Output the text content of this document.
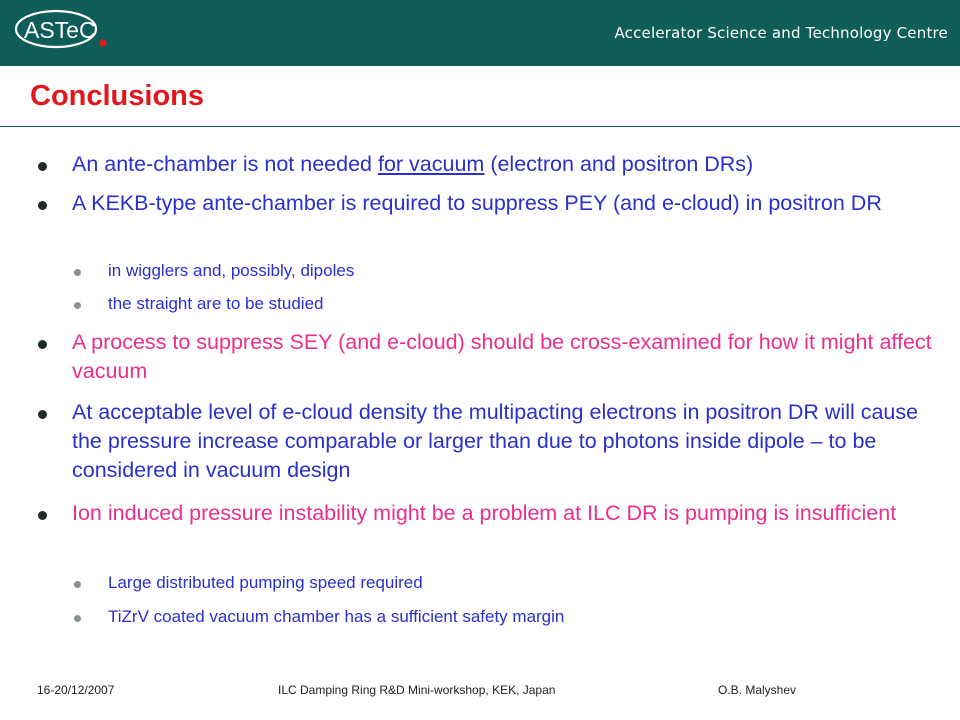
ASTeC	Accelerator Science and Technology Centre
Conclusions
An ante-chamber is not needed for vacuum (electron and positron DRs)
A KEKB-type ante-chamber is required to suppress PEY (and e-cloud) in positron DR
in wigglers and, possibly, dipoles
the straight are to be studied
A process to suppress SEY (and e-cloud) should be cross-examined for how it might affect vacuum
At acceptable level of e-cloud density the multipacting electrons in positron DR will cause the pressure increase comparable or larger than due to photons inside dipole – to be considered in vacuum design
Ion induced pressure instability might be a problem at ILC DR is pumping is insufficient
Large distributed pumping speed required
TiZrV coated vacuum chamber has a sufficient safety margin
16-20/12/2007	ILC Damping Ring R&D Mini-workshop, KEK, Japan	O.B. Malyshev
